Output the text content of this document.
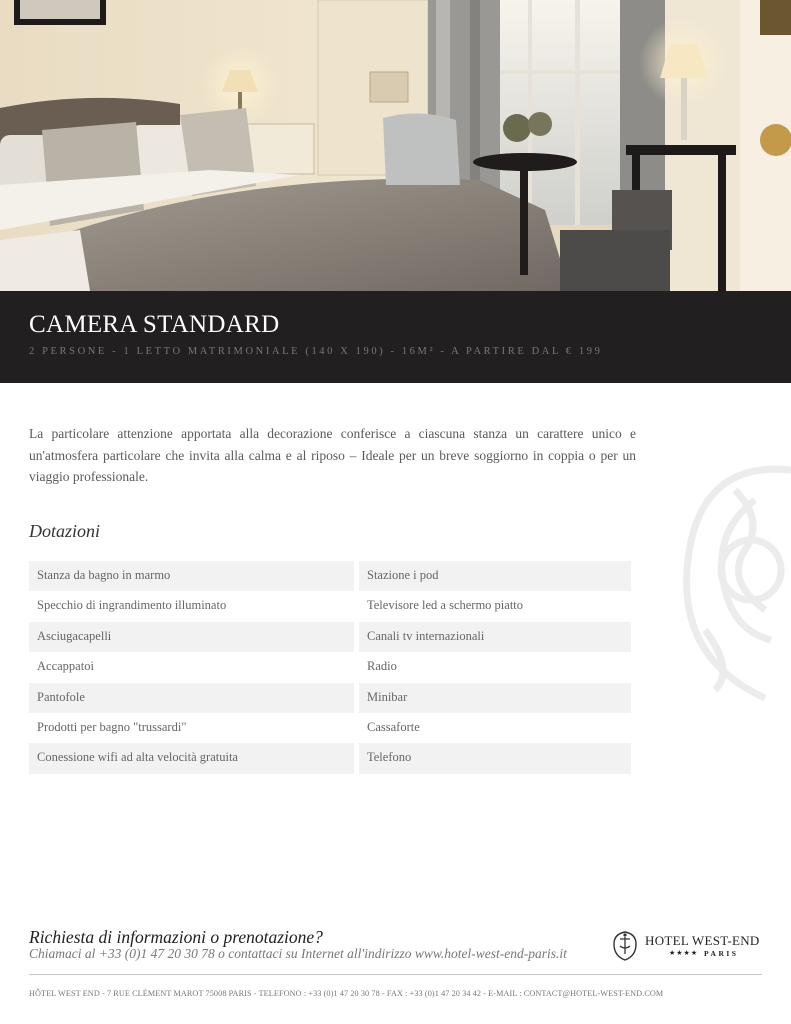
CAMERA STANDARD
2 PERSONE - 1 LETTO MATRIMONIALE (140 X 190) - 16M² - A PARTIRE DAL € 199

La particolare attenzione apportata alla decorazione conferisce a ciascuna stanza un carattere unico e un'atmosfera particolare che invita alla calma e al riposo – Ideale per un breve soggiorno in coppia o per un viaggio professionale.

Dotazioni
Stanza da bagno in marmo
Specchio di ingrandimento illuminato
Asciugacapelli
Accappatoi
Pantofole
Prodotti per bagno "trussardi"
Conessione wifi ad alta velocità gratuita
Stazione i pod
Televisore led a schermo piatto
Canali tv internazionali
Radio
Minibar
Cassaforte
Telefono
Richiesta di informazioni o prenotazione?
Chiamaci al +33 (0)1 47 20 30 78 o contattaci su Internet all'indirizzo www.hotel-west-end-paris.it
HOTEL WEST-END
★★★★ PARIS
HÔTEL WEST END - 7 RUE CLÉMENT MAROT 75008 PARIS - TELEFONO : +33 (0)1 47 20 30 78 - FAX : +33 (0)1 47 20 34 42 - E-MAIL : CONTACT@HOTEL-WEST-END.COM
